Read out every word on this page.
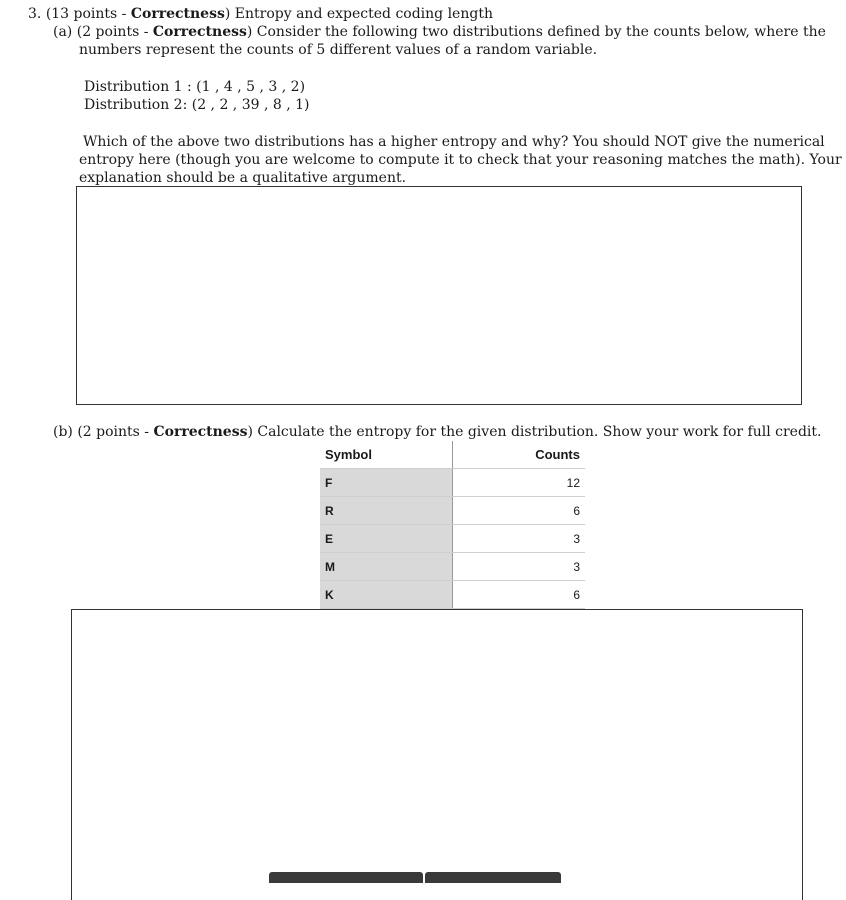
3. (13 points - Correctness) Entropy and expected coding length
(a) (2 points - Correctness) Consider the following two distributions defined by the counts below, where the
numbers represent the counts of 5 different values of a random variable.
Distribution 1 : (1 , 4 , 5 , 3 , 2)
Distribution 2: (2 , 2 , 39 , 8 , 1)
Which of the above two distributions has a higher entropy and why? You should NOT give the numerical
entropy here (though you are welcome to compute it to check that your reasoning matches the math). Your
explanation should be a qualitative argument.
(b) (2 points - Correctness) Calculate the entropy for the given distribution. Show your work for full credit.
Symbol	Counts
F	12
R	6
E	3
M	3
K	6
